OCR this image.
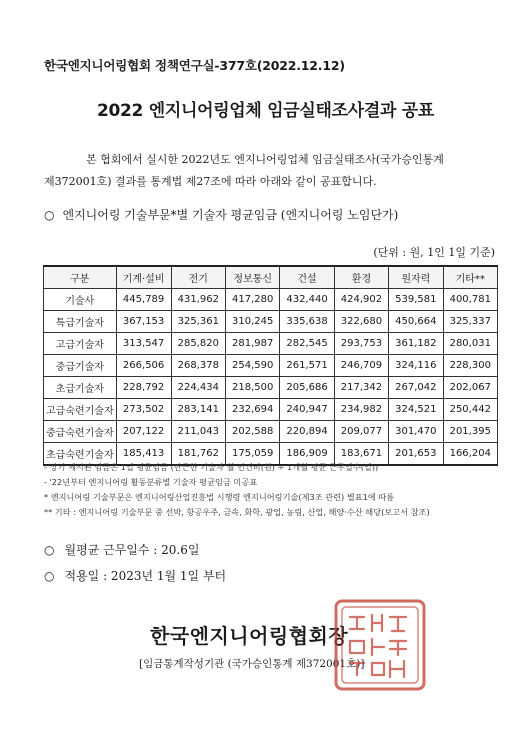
한국엔지니어링협회 정책연구실-377호(2022.12.12)
2022 엔지니어링업체 임금실태조사결과 공표
본 협회에서 실시한 2022년도 엔지니어링업체 임금실태조사(국가승인통계
제372001호) 결과를 통계법 제27조에 따라 아래와 같이 공표합니다.
○ 엔지니어링 기술부문*별 기술자 평균임금 (엔지니어링 노임단가)
(단위 : 원, 1인 1일 기준)
구분	기계·설비	전기	정보통신	건설	환경	원자력	기타**
기술사	445,789	431,962	417,280	432,440	424,902	539,581	400,781
특급기술자	367,153	325,361	310,245	335,638	322,680	450,664	325,337
고급기술자	313,547	285,820	281,987	282,545	293,753	361,182	280,031
중급기술자	266,506	268,378	254,590	261,571	246,709	324,116	228,300
초급기술자	228,792	224,434	218,500	205,686	217,342	267,042	202,067
고급숙련기술자	273,502	283,141	232,694	240,947	234,982	324,521	250,442
중급숙련기술자	207,122	211,043	202,588	220,894	209,077	301,470	201,395
초급숙련기술자	185,413	181,762	175,059	186,909	183,671	201,653	166,204
- 상기 제시된 임금은 1일 평균임금 (만근한 기술자 월 인건비(원) ÷ 1개월 평균 근무일수(일))
- '22년부터 엔지니어링 활동분류별 기술자 평균임금 미공표
* 엔지니어링 기술부문은 엔지니어링산업진흥법 시행령 엔지니어링기술(제3조 관련) 별표1에 따름
** 기타 : 엔지니어링 기술부문 중 선박, 항공우주, 금속, 화학, 광업, 농림, 산업, 해양·수산 해당(보고서 참조)
○ 월평균 근무일수 : 20.6일
○ 적용일 : 2023년 1월 1일 부터
한국엔지니어링협회장
[임금통계작성기관 (국가승인통계 제372001호)]
